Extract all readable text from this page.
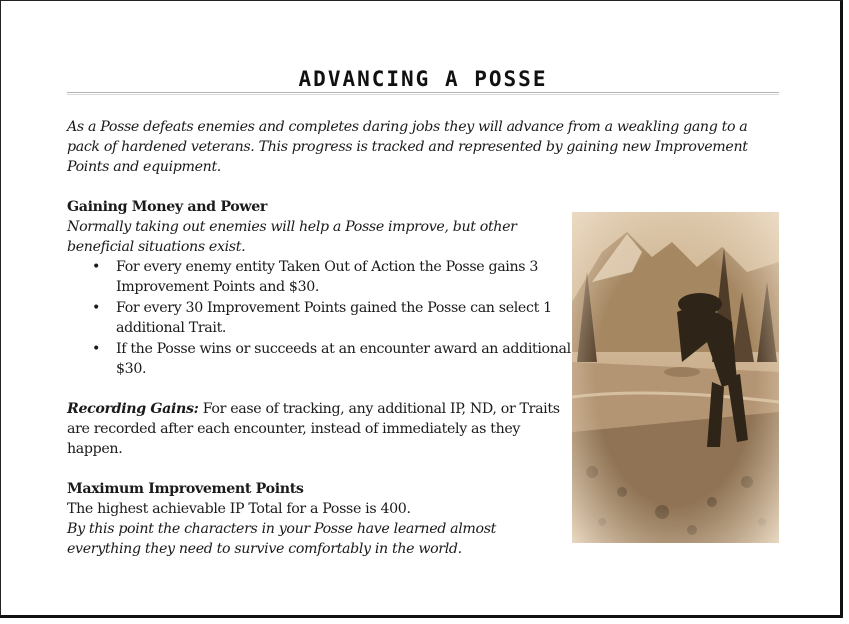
ADVANCING A POSSE

As a Posse defeats enemies and completes daring jobs they will advance from a weakling gang to a pack of hardened veterans. This progress is tracked and represented by gaining new Improvement Points and equipment.

Gaining Money and Power

Normally taking out enemies will help a Posse improve, but other

beneficial situations exist.

• For every enemy entity Taken Out of Action the Posse gains 3 Improvement Points and $30.
• For every 30 Improvement Points gained the Posse can select 1 additional Trait.
• If the Posse wins or succeeds at an encounter award an additional $30.

Recording Gains: For ease of tracking, any additional IP, ND, or Traits are recorded after each encounter, instead of immediately as they happen.

Maximum Improvement Points

The highest achievable IP Total for a Posse is 400.

By this point the characters in your Posse have learned almost

everything they need to survive comfortably in the world.
